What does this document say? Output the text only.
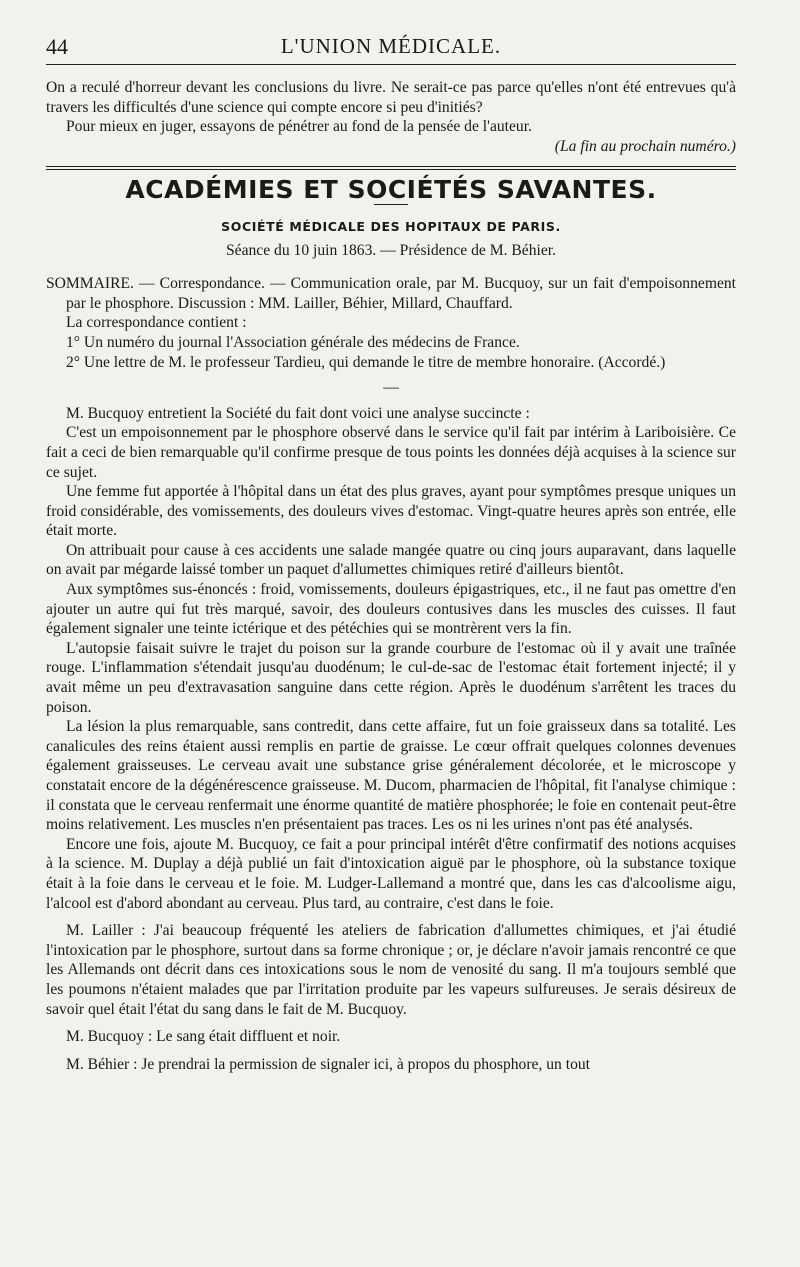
44	L'UNION MÉDICALE.

On a reculé d'horreur devant les conclusions du livre. Ne serait-ce pas parce qu'elles n'ont été entrevues qu'à travers les difficultés d'une science qui compte encore si peu d'initiés?

Pour mieux en juger, essayons de pénétrer au fond de la pensée de l'auteur.

(La fin au prochain numéro.)

ACADÉMIES ET SOCIÉTÉS SAVANTES.
SOCIÉTÉ MÉDICALE DES HOPITAUX DE PARIS.
Séance du 10 juin 1863. — Présidence de M. Béhier.

SOMMAIRE. — Correspondance. — Communication orale, par M. Bucquoy, sur un fait d'empoisonnement par le phosphore. Discussion : MM. Lailler, Béhier, Millard, Chauffard.

La correspondance contient :

1° Un numéro du journal l'Association générale des médecins de France.

2° Une lettre de M. le professeur Tardieu, qui demande le titre de membre honoraire. (Accordé.)

—

M. Bucquoy entretient la Société du fait dont voici une analyse succincte :

C'est un empoisonnement par le phosphore observé dans le service qu'il fait par intérim à Lariboisière. Ce fait a ceci de bien remarquable qu'il confirme presque de tous points les données déjà acquises à la science sur ce sujet.

Une femme fut apportée à l'hôpital dans un état des plus graves, ayant pour symptômes presque uniques un froid considérable, des vomissements, des douleurs vives d'estomac. Vingt-quatre heures après son entrée, elle était morte.

On attribuait pour cause à ces accidents une salade mangée quatre ou cinq jours auparavant, dans laquelle on avait par mégarde laissé tomber un paquet d'allumettes chimiques retiré d'ailleurs bientôt.

Aux symptômes sus-énoncés : froid, vomissements, douleurs épigastriques, etc., il ne faut pas omettre d'en ajouter un autre qui fut très marqué, savoir, des douleurs contusives dans les muscles des cuisses. Il faut également signaler une teinte ictérique et des pétéchies qui se montrèrent vers la fin.

L'autopsie faisait suivre le trajet du poison sur la grande courbure de l'estomac où il y avait une traînée rouge. L'inflammation s'étendait jusqu'au duodénum; le cul-de-sac de l'estomac était fortement injecté; il y avait même un peu d'extravasation sanguine dans cette région. Après le duodénum s'arrêtent les traces du poison.

La lésion la plus remarquable, sans contredit, dans cette affaire, fut un foie graisseux dans sa totalité. Les canalicules des reins étaient aussi remplis en partie de graisse. Le cœur offrait quelques colonnes devenues également graisseuses. Le cerveau avait une substance grise généralement décolorée, et le microscope y constatait encore de la dégénérescence graisseuse. M. Ducom, pharmacien de l'hôpital, fit l'analyse chimique : il constata que le cerveau renfermait une énorme quantité de matière phosphorée; le foie en contenait peut-être moins relativement. Les muscles n'en présentaient pas traces. Les os ni les urines n'ont pas été analysés.

Encore une fois, ajoute M. Bucquoy, ce fait a pour principal intérêt d'être confirmatif des notions acquises à la science. M. Duplay a déjà publié un fait d'intoxication aiguë par le phosphore, où la substance toxique était à la foie dans le cerveau et le foie. M. Ludger-Lallemand a montré que, dans les cas d'alcoolisme aigu, l'alcool est d'abord abondant au cerveau. Plus tard, au contraire, c'est dans le foie.

M. Lailler : J'ai beaucoup fréquenté les ateliers de fabrication d'allumettes chimiques, et j'ai étudié l'intoxication par le phosphore, surtout dans sa forme chronique ; or, je déclare n'avoir jamais rencontré ce que les Allemands ont décrit dans ces intoxications sous le nom de venosité du sang. Il m'a toujours semblé que les poumons n'étaient malades que par l'irritation produite par les vapeurs sulfureuses. Je serais désireux de savoir quel était l'état du sang dans le fait de M. Bucquoy.

M. Bucquoy : Le sang était diffluent et noir.

M. Béhier : Je prendrai la permission de signaler ici, à propos du phosphore, un tout
